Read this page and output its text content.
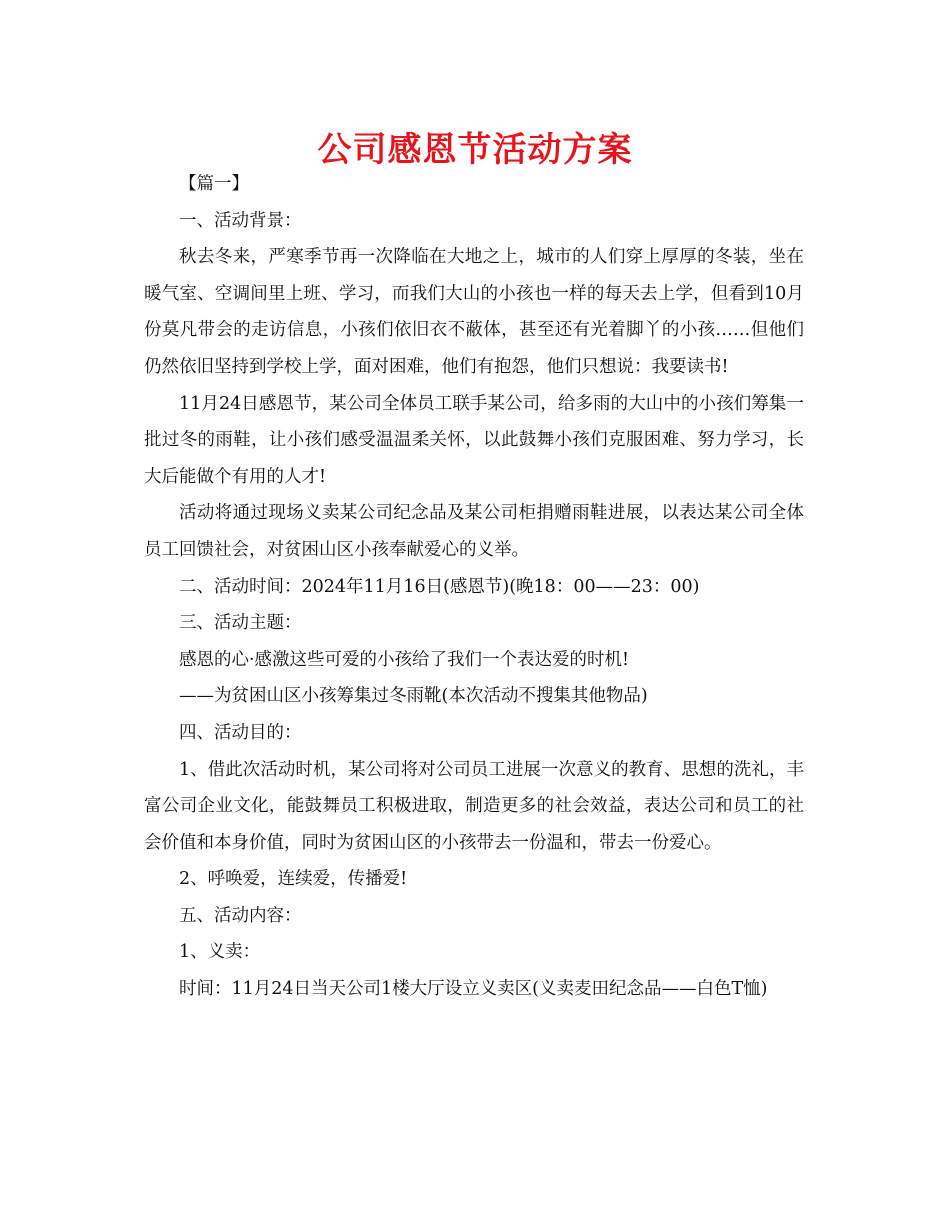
公司感恩节活动方案

【篇一】

一、活动背景：

秋去冬来，严寒季节再一次降临在大地之上，城市的人们穿上厚厚的冬装，坐在暖气室、空调间里上班、学习，而我们大山的小孩也一样的每天去上学，但看到10月份莫凡带会的走访信息，小孩们依旧衣不蔽体，甚至还有光着脚丫的小孩……但他们仍然依旧坚持到学校上学，面对困难，他们有抱怨，他们只想说：我要读书!

11月24日感恩节，某公司全体员工联手某公司，给多雨的大山中的小孩们筹集一批过冬的雨鞋，让小孩们感受温温柔关怀，以此鼓舞小孩们克服困难、努力学习，长大后能做个有用的人才!

活动将通过现场义卖某公司纪念品及某公司柜捐赠雨鞋进展，以表达某公司全体员工回馈社会，对贫困山区小孩奉献爱心的义举。

二、活动时间：2024年11月16日(感恩节)(晚18：00——23：00)

三、活动主题：

感恩的心·感激这些可爱的小孩给了我们一个表达爱的时机!

——为贫困山区小孩筹集过冬雨靴(本次活动不搜集其他物品)

四、活动目的：

1、借此次活动时机，某公司将对公司员工进展一次意义的教育、思想的洗礼，丰富公司企业文化，能鼓舞员工积极进取，制造更多的社会效益，表达公司和员工的社会价值和本身价值，同时为贫困山区的小孩带去一份温和，带去一份爱心。

2、呼唤爱，连续爱，传播爱!

五、活动内容：

1、义卖：

时间：11月24日当天公司1楼大厅设立义卖区(义卖麦田纪念品——白色T恤)
